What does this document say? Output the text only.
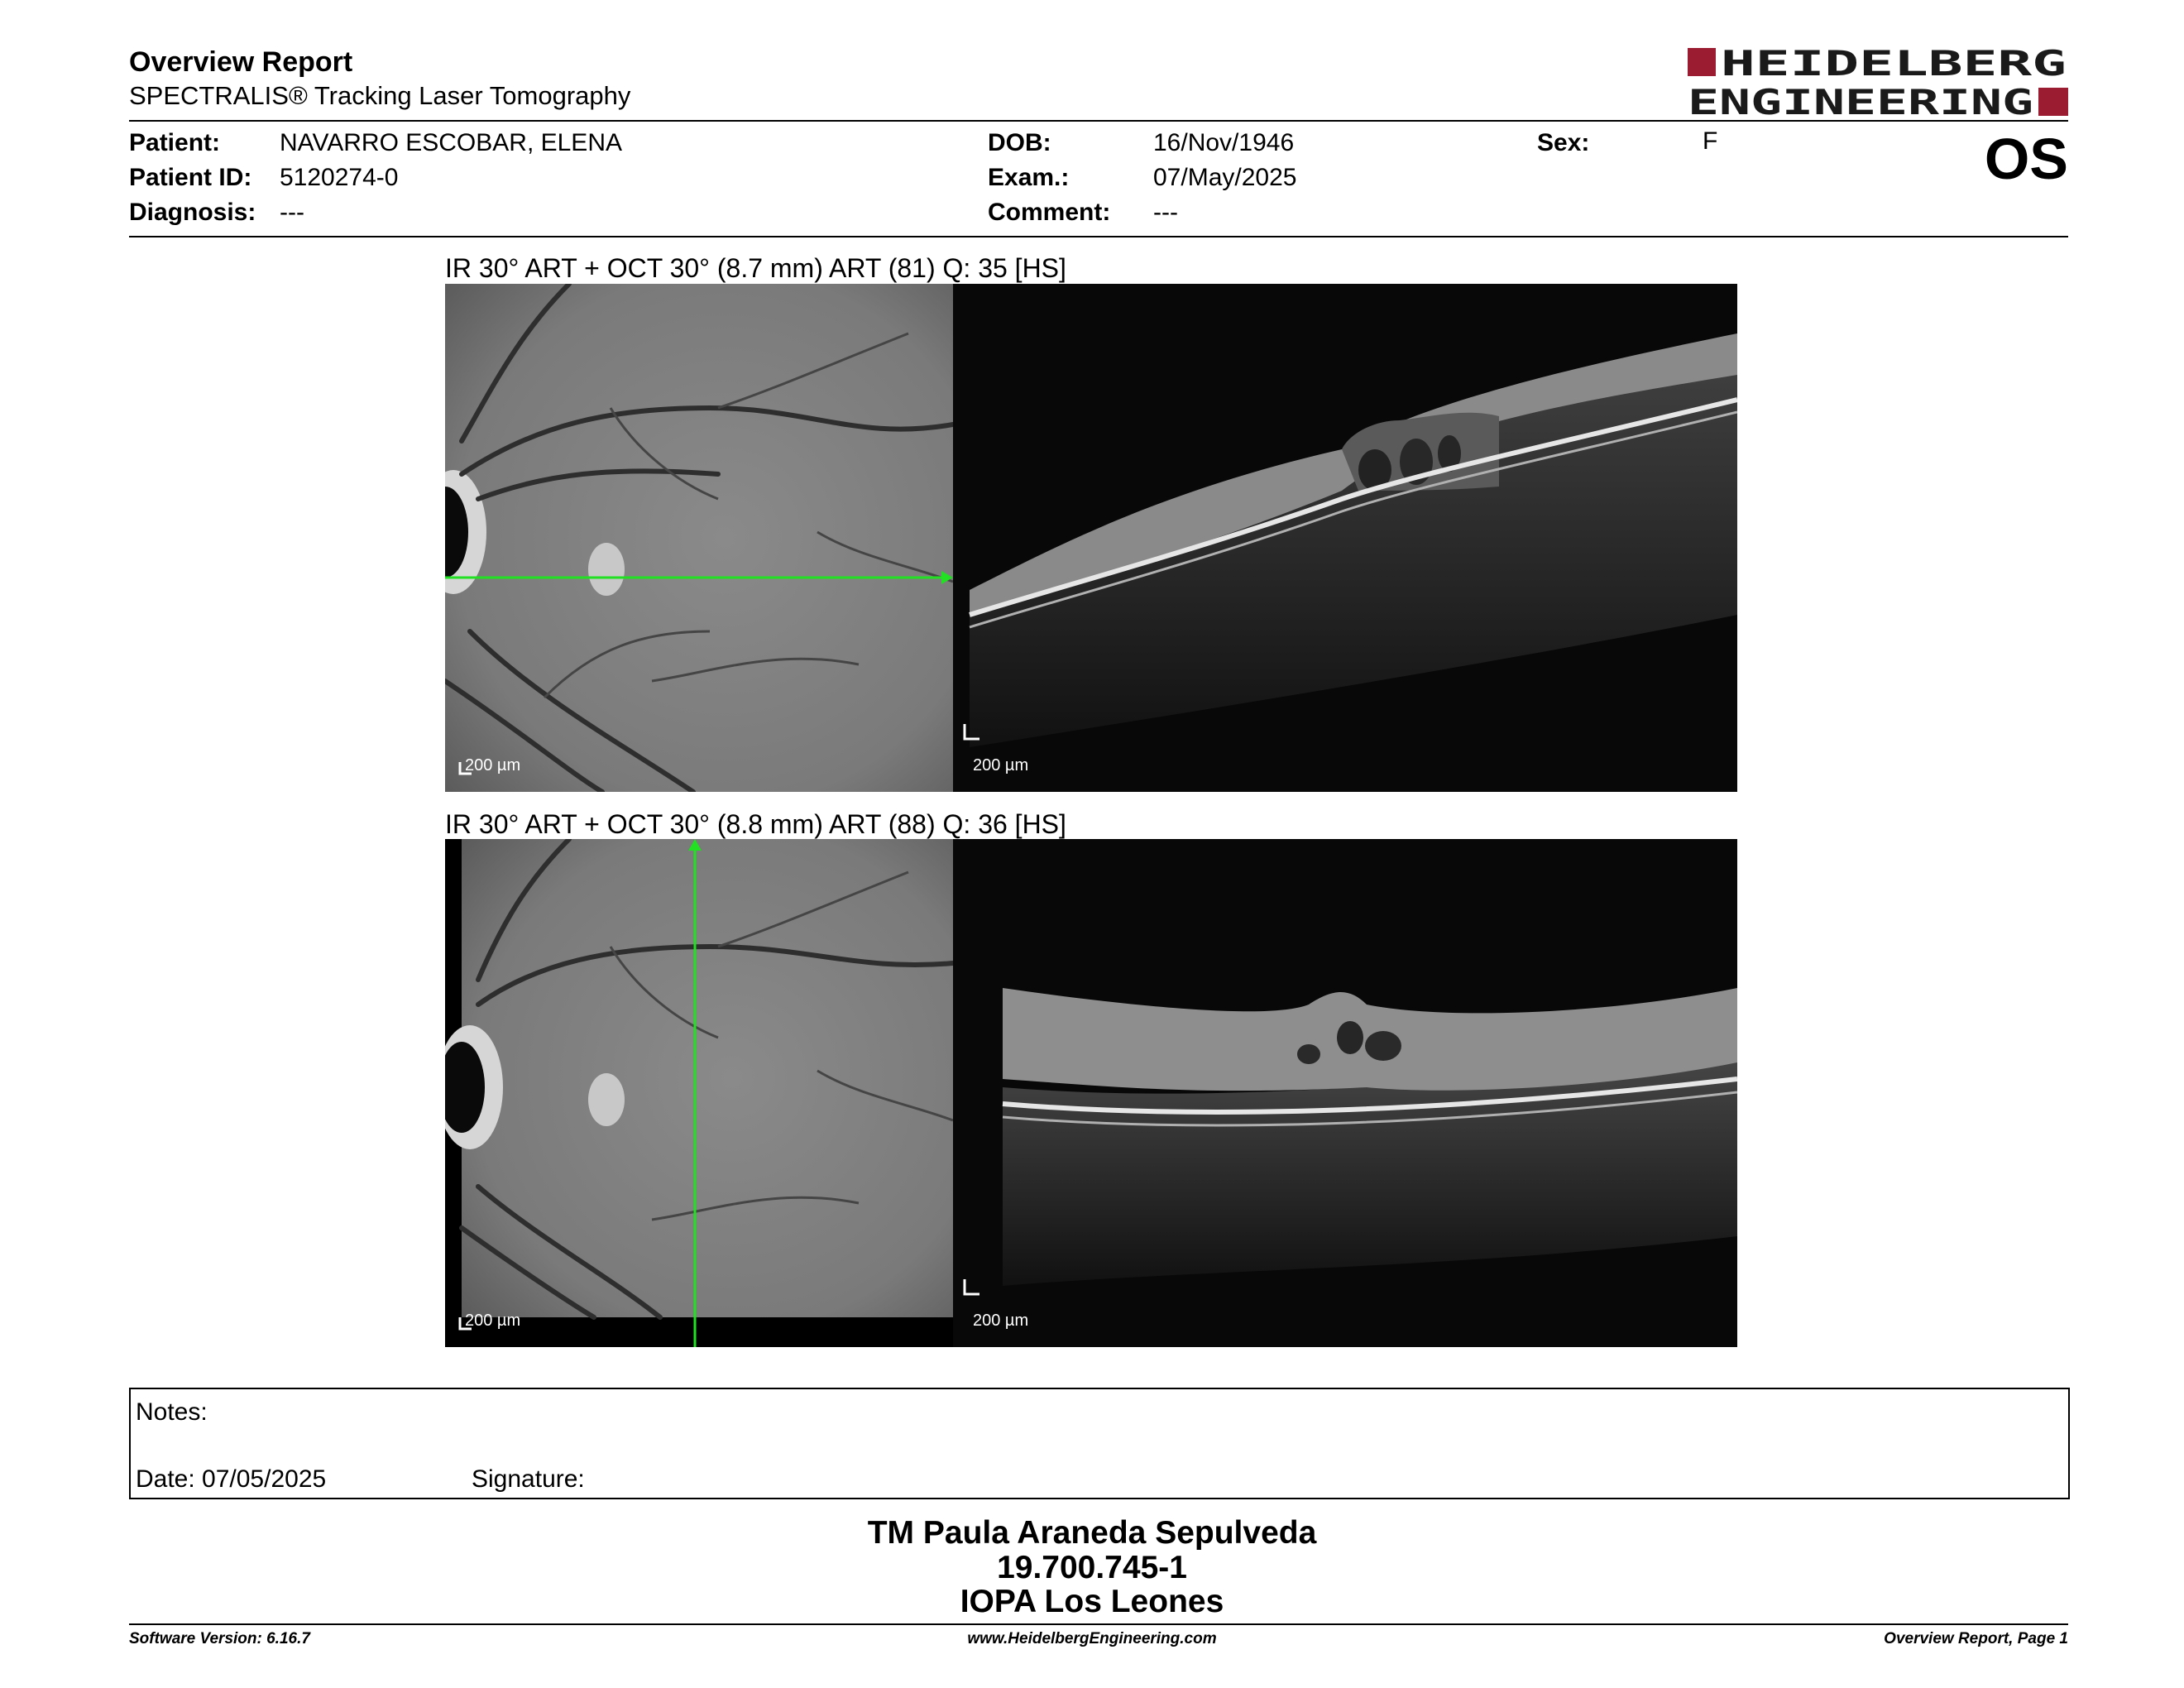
Overview Report
SPECTRALIS® Tracking Laser Tomography
HEIDELBERG
ENGINEERING
Patient: NAVARRO ESCOBAR, ELENA
Patient ID: 5120274-0
Diagnosis: ---
DOB:	16/Nov/1946
Exam.:	07/May/2025
Comment: ---
Sex:	F	OS
IR 30° ART + OCT 30° (8.7 mm) ART (81) Q: 35 [HS]
200 µm	200 µm
IR 30° ART + OCT 30° (8.8 mm) ART (88) Q: 36 [HS]
200 µm	200 µm
Notes:
Date: 07/05/2025	Signature:
TM Paula Araneda Sepulveda
19.700.745-1
IOPA Los Leones
Software Version: 6.16.7	www.HeidelbergEngineering.com	Overview Report, Page 1
